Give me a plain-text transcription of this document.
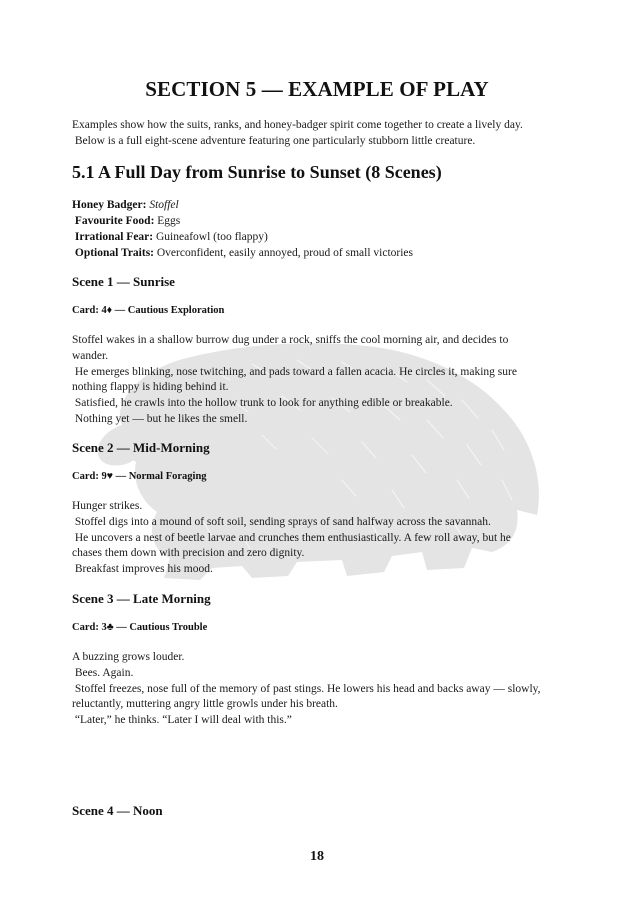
SECTION 5 — EXAMPLE OF PLAY
Examples show how the suits, ranks, and honey-badger spirit come together to create a lively day.
Below is a full eight-scene adventure featuring one particularly stubborn little creature.
5.1 A Full Day from Sunrise to Sunset (8 Scenes)
Honey Badger: Stoffel
Favourite Food: Eggs
Irrational Fear: Guineafowl (too flappy)
Optional Traits: Overconfident, easily annoyed, proud of small victories
Scene 1 — Sunrise
Card: 4♦ — Cautious Exploration
Stoffel wakes in a shallow burrow dug under a rock, sniffs the cool morning air, and decides to
wander.
He emerges blinking, nose twitching, and pads toward a fallen acacia. He circles it, making sure
nothing flappy is hiding behind it.
Satisfied, he crawls into the hollow trunk to look for anything edible or breakable.
Nothing yet — but he likes the smell.
Scene 2 — Mid-Morning
Card: 9♥ — Normal Foraging
Hunger strikes.
Stoffel digs into a mound of soft soil, sending sprays of sand halfway across the savannah.
He uncovers a nest of beetle larvae and crunches them enthusiastically. A few roll away, but he
chases them down with precision and zero dignity.
Breakfast improves his mood.
Scene 3 — Late Morning
Card: 3♣ — Cautious Trouble
A buzzing grows louder.
Bees. Again.
Stoffel freezes, nose full of the memory of past stings. He lowers his head and backs away — slowly,
reluctantly, muttering angry little growls under his breath.
“Later,” he thinks. “Later I will deal with this.”
Scene 4 — Noon
18
